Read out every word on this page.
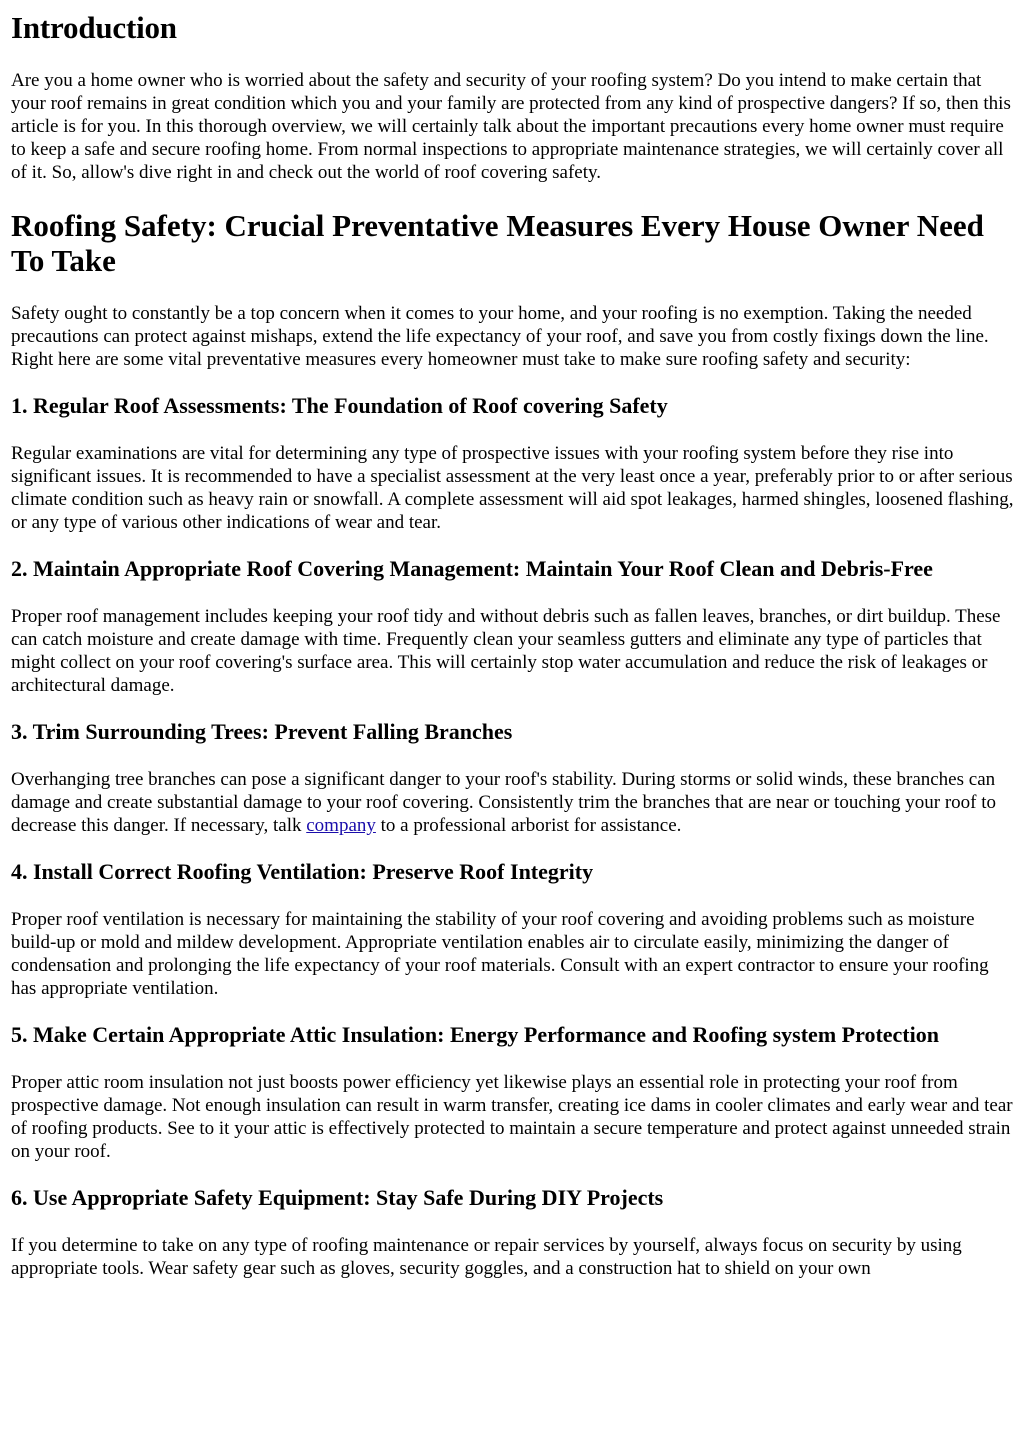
Introduction

Are you a home owner who is worried about the safety and security of your roofing system? Do you intend to make certain that your roof remains in great condition which you and your family are protected from any kind of prospective dangers? If so, then this article is for you. In this thorough overview, we will certainly talk about the important precautions every home owner must require to keep a safe and secure roofing home. From normal inspections to appropriate maintenance strategies, we will certainly cover all of it. So, allow's dive right in and check out the world of roof covering safety.

Roofing Safety: Crucial Preventative Measures Every House Owner Need To Take

Safety ought to constantly be a top concern when it comes to your home, and your roofing is no exemption. Taking the needed precautions can protect against mishaps, extend the life expectancy of your roof, and save you from costly fixings down the line. Right here are some vital preventative measures every homeowner must take to make sure roofing safety and security:

1. Regular Roof Assessments: The Foundation of Roof covering Safety

Regular examinations are vital for determining any type of prospective issues with your roofing system before they rise into significant issues. It is recommended to have a specialist assessment at the very least once a year, preferably prior to or after serious climate condition such as heavy rain or snowfall. A complete assessment will aid spot leakages, harmed shingles, loosened flashing, or any type of various other indications of wear and tear.

2. Maintain Appropriate Roof Covering Management: Maintain Your Roof Clean and Debris-Free

Proper roof management includes keeping your roof tidy and without debris such as fallen leaves, branches, or dirt buildup. These can catch moisture and create damage with time. Frequently clean your seamless gutters and eliminate any type of particles that might collect on your roof covering's surface area. This will certainly stop water accumulation and reduce the risk of leakages or architectural damage.

3. Trim Surrounding Trees: Prevent Falling Branches

Overhanging tree branches can pose a significant danger to your roof's stability. During storms or solid winds, these branches can damage and create substantial damage to your roof covering. Consistently trim the branches that are near or touching your roof to decrease this danger. If necessary, talk company to a professional arborist for assistance.

4. Install Correct Roofing Ventilation: Preserve Roof Integrity

Proper roof ventilation is necessary for maintaining the stability of your roof covering and avoiding problems such as moisture build-up or mold and mildew development. Appropriate ventilation enables air to circulate easily, minimizing the danger of condensation and prolonging the life expectancy of your roof materials. Consult with an expert contractor to ensure your roofing has appropriate ventilation.

5. Make Certain Appropriate Attic Insulation: Energy Performance and Roofing system Protection

Proper attic room insulation not just boosts power efficiency yet likewise plays an essential role in protecting your roof from prospective damage. Not enough insulation can result in warm transfer, creating ice dams in cooler climates and early wear and tear of roofing products. See to it your attic is effectively protected to maintain a secure temperature and protect against unneeded strain on your roof.

6. Use Appropriate Safety Equipment: Stay Safe During DIY Projects

If you determine to take on any type of roofing maintenance or repair services by yourself, always focus on security by using appropriate tools. Wear safety gear such as gloves, security goggles, and a construction hat to shield on your own
